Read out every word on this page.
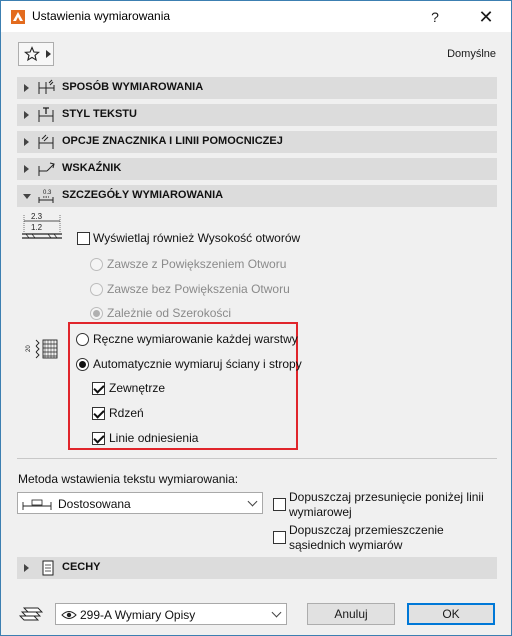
Ustawienia wymiarowania	?	✕
Domyślne
SPOSÓB WYMIAROWANIA
STYL TEKSTU
OPCJE ZNACZNIKA I LINII POMOCNICZEJ
WSKAŹNIK
0.3 SZCZEGÓŁY WYMIAROWANIA
2.3
1.2
Wyświetlaj również Wysokość otworów
Zawsze z Powiększeniem Otworu
Zawsze bez Powiększenia Otworu
Zależnie od Szerokości
20
Ręczne wymiarowanie każdej warstwy
Automatycznie wymiaruj ściany i stropy
Zewnętrze
Rdzeń
Linie odniesienia
Metoda wstawienia tekstu wymiarowania:
Dostosowana	Dopuszczaj przesunięcie poniżej linii wymiarowej
Dopuszczaj przemieszczenie sąsiednich wymiarów
CECHY
299-A Wymiary Opisy	Anuluj	OK
